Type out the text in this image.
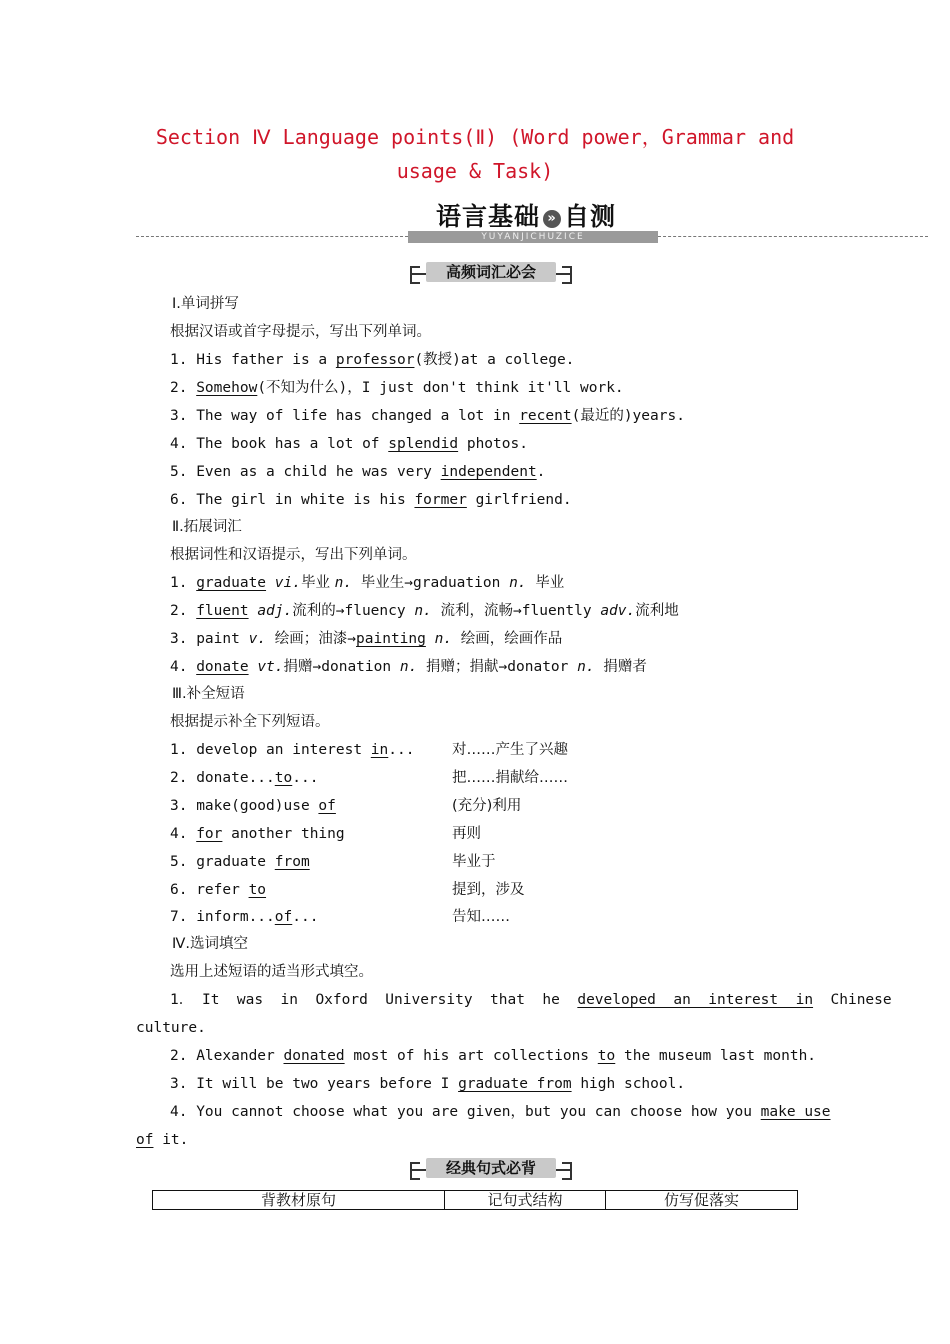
Section Ⅳ Language points(Ⅱ) (Word power，Grammar and
usage & Task)
语言基础 » 自测
YUYANJICHUZICE
高频词汇必会
Ⅰ.单词拼写
根据汉语或首字母提示，写出下列单词。
1. His father is a professor(教授)at a college.
2. Somehow(不知为什么)，I just don't think it'll work.
3. The way of life has changed a lot in recent(最近的)years.
4. The book has a lot of splendid photos.
5. Even as a child he was very independent.
6. The girl in white is his former girlfriend.
Ⅱ.拓展词汇
根据词性和汉语提示，写出下列单词。
1. graduate vi.毕业 n. 毕业生→graduation n. 毕业
2. fluent adj.流利的→fluency n. 流利，流畅→fluently adv.流利地
3. paint v. 绘画；油漆→painting n. 绘画，绘画作品
4. donate vt.捐赠→donation n. 捐赠；捐献→donator n. 捐赠者
Ⅲ.补全短语
根据提示补全下列短语。
1. develop an interest in...	对……产生了兴趣
2. donate...to...	把……捐献给……
3. make(good)use of	(充分)利用
4. for another thing	再则
5. graduate from	毕业于
6. refer to	提到，涉及
7. inform...of...	告知……
Ⅳ.选词填空
选用上述短语的适当形式填空。
1． It  was  in  Oxford  University  that  he  developed  an  interest  in  Chinese
culture.
2. Alexander donated most of his art collections to the museum last month.
3. It will be two years before I graduate from high school.
4. You cannot choose what you are given，but you can choose how you make use
of it.
经典句式必背
背教材原句	记句式结构	仿写促落实
